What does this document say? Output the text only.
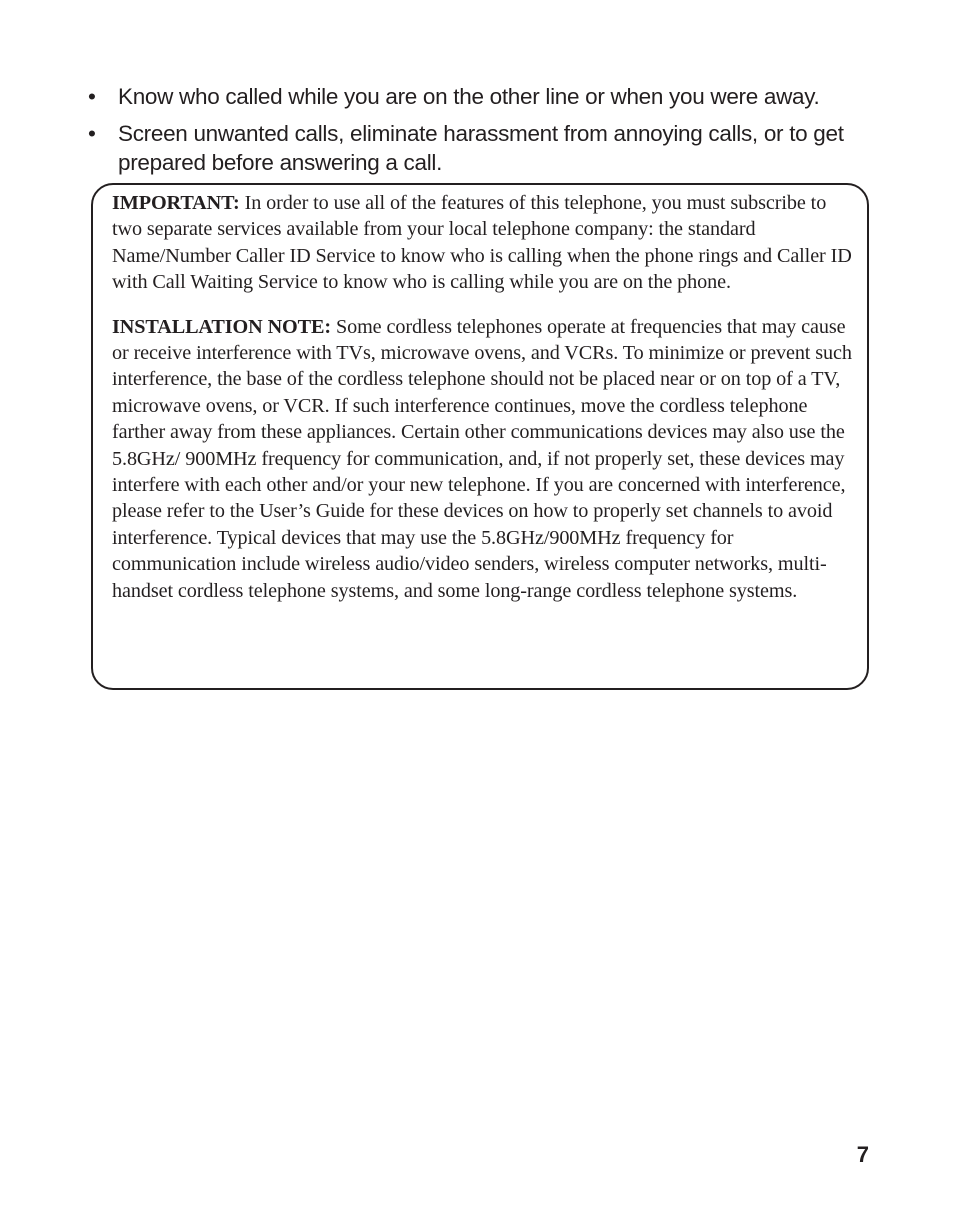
• Know who called while you are on the other line or when you were away.
• Screen unwanted calls, eliminate harassment from annoying calls, or to get prepared before answering a call.

IMPORTANT: In order to use all of the features of this telephone, you must subscribe to two separate services available from your local telephone company: the standard Name/Number Caller ID Service to know who is calling when the phone rings and Caller ID with Call Waiting Service to know who is calling while you are on the phone.

INSTALLATION NOTE: Some cordless telephones operate at frequencies that may cause or receive interference with TVs, microwave ovens, and VCRs. To minimize or prevent such interference, the base of the cordless telephone should not be placed near or on top of a TV, microwave ovens, or VCR. If such interference continues, move the cordless telephone farther away from these appliances. Certain other communications devices may also use the 5.8GHz/ 900MHz frequency for communication, and, if not properly set, these devices may interfere with each other and/or your new telephone. If you are concerned with interference, please refer to the User’s Guide for these devices on how to properly set channels to avoid interference. Typical devices that may use the 5.8GHz/900MHz frequency for communication include wireless audio/video senders, wireless computer networks, multi-handset cordless telephone systems, and some long-range cordless telephone systems.

7
